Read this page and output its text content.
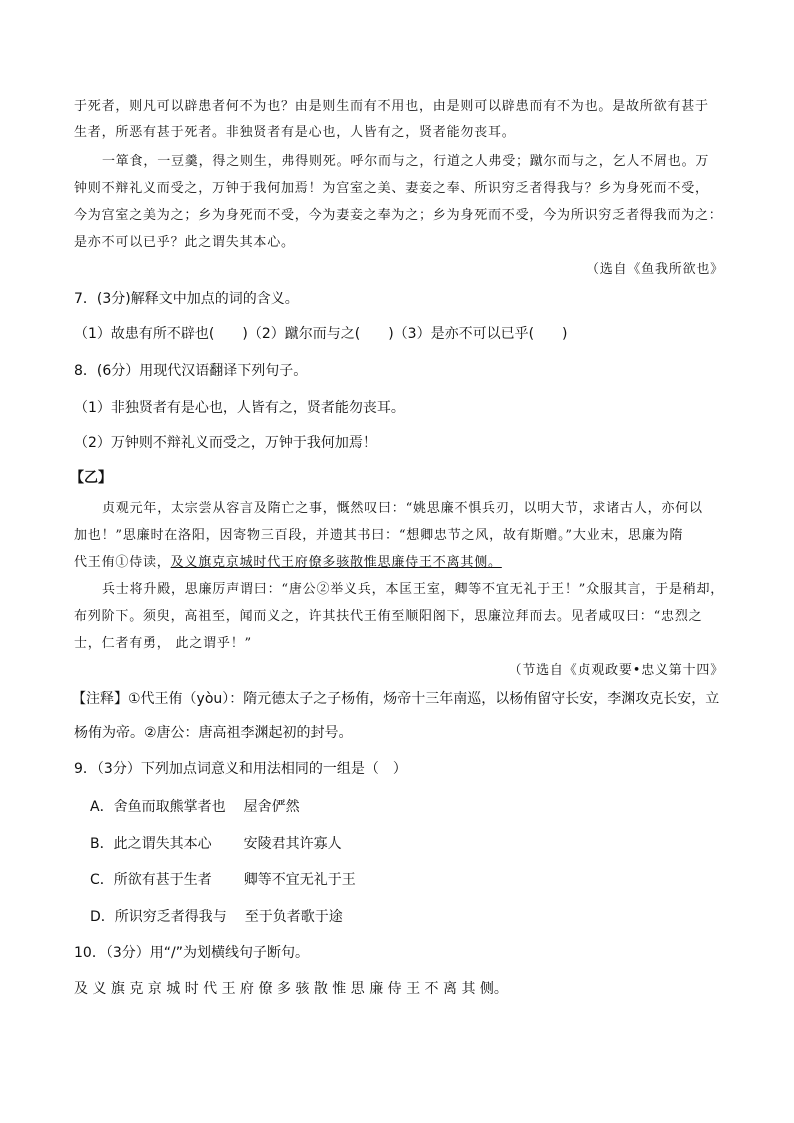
于死者，则凡可以辟患者何不为也？由是则生而有不用也，由是则可以辟患而有不为也。是故所欲有甚于
生者，所恶有甚于死者。非独贤者有是心也，人皆有之，贤者能勿丧耳。
一箪食，一豆羹，得之则生，弗得则死。呼尔而与之，行道之人弗受；蹴尔而与之，乞人不屑也。万
钟则不辩礼义而受之，万钟于我何加焉！为宫室之美、妻妾之奉、所识穷乏者得我与？乡为身死而不受，
今为宫室之美为之；乡为身死而不受，今为妻妾之奉为之；乡为身死而不受，今为所识穷乏者得我而为之：
是亦不可以已乎？此之谓失其本心。
（选自《鱼我所欲也》
7．(3分)解释文中加点的词的含义。
（1）故患有所不辟也(　　)（2）蹴尔而与之(　　)（3）是亦不可以已乎(　　)
8．(6分）用现代汉语翻译下列句子。
（1）非独贤者有是心也，人皆有之，贤者能勿丧耳。
（2）万钟则不辩礼义而受之，万钟于我何加焉！
【乙】
贞观元年，太宗尝从容言及隋亡之事，慨然叹曰：“姚思廉不惧兵刃，以明大节，求诸古人，亦何以
加也！”思廉时在洛阳，因寄物三百段，并遗其书曰：“想卿忠节之风，故有斯赠。”大业末，思廉为隋
代王侑①侍读，及义旗克京城时代王府僚多骇散惟思廉侍王不离其侧。
兵士将升殿，思廉厉声谓曰：“唐公②举义兵，本匡王室，卿等不宜无礼于王！”众服其言，于是稍却，
布列阶下。须臾，高祖至，闻而义之，许其扶代王侑至顺阳阁下，思廉泣拜而去。见者咸叹曰：“忠烈之
士，仁者有勇， 此之谓乎！”
（节选自《贞观政要•忠义第十四》
【注释】①代王侑（yòu）：隋元德太子之子杨侑，炀帝十三年南巡，以杨侑留守长安，李渊攻克长安，立
杨侑为帝。②唐公：唐高祖李渊起初的封号。
9．（3分）下列加点词意义和用法相同的一组是（　）
A．舍鱼而取熊掌者也 屋舍俨然
B．此之谓失其本心 安陵君其许寡人
C．所欲有甚于生者 卿等不宜无礼于王
D．所识穷乏者得我与 至于负者歌于途
10．（3分）用“/”为划横线句子断句。
及 义 旗 克 京 城 时 代 王 府 僚 多 骇 散 惟 思 廉 侍 王 不 离 其 侧。
